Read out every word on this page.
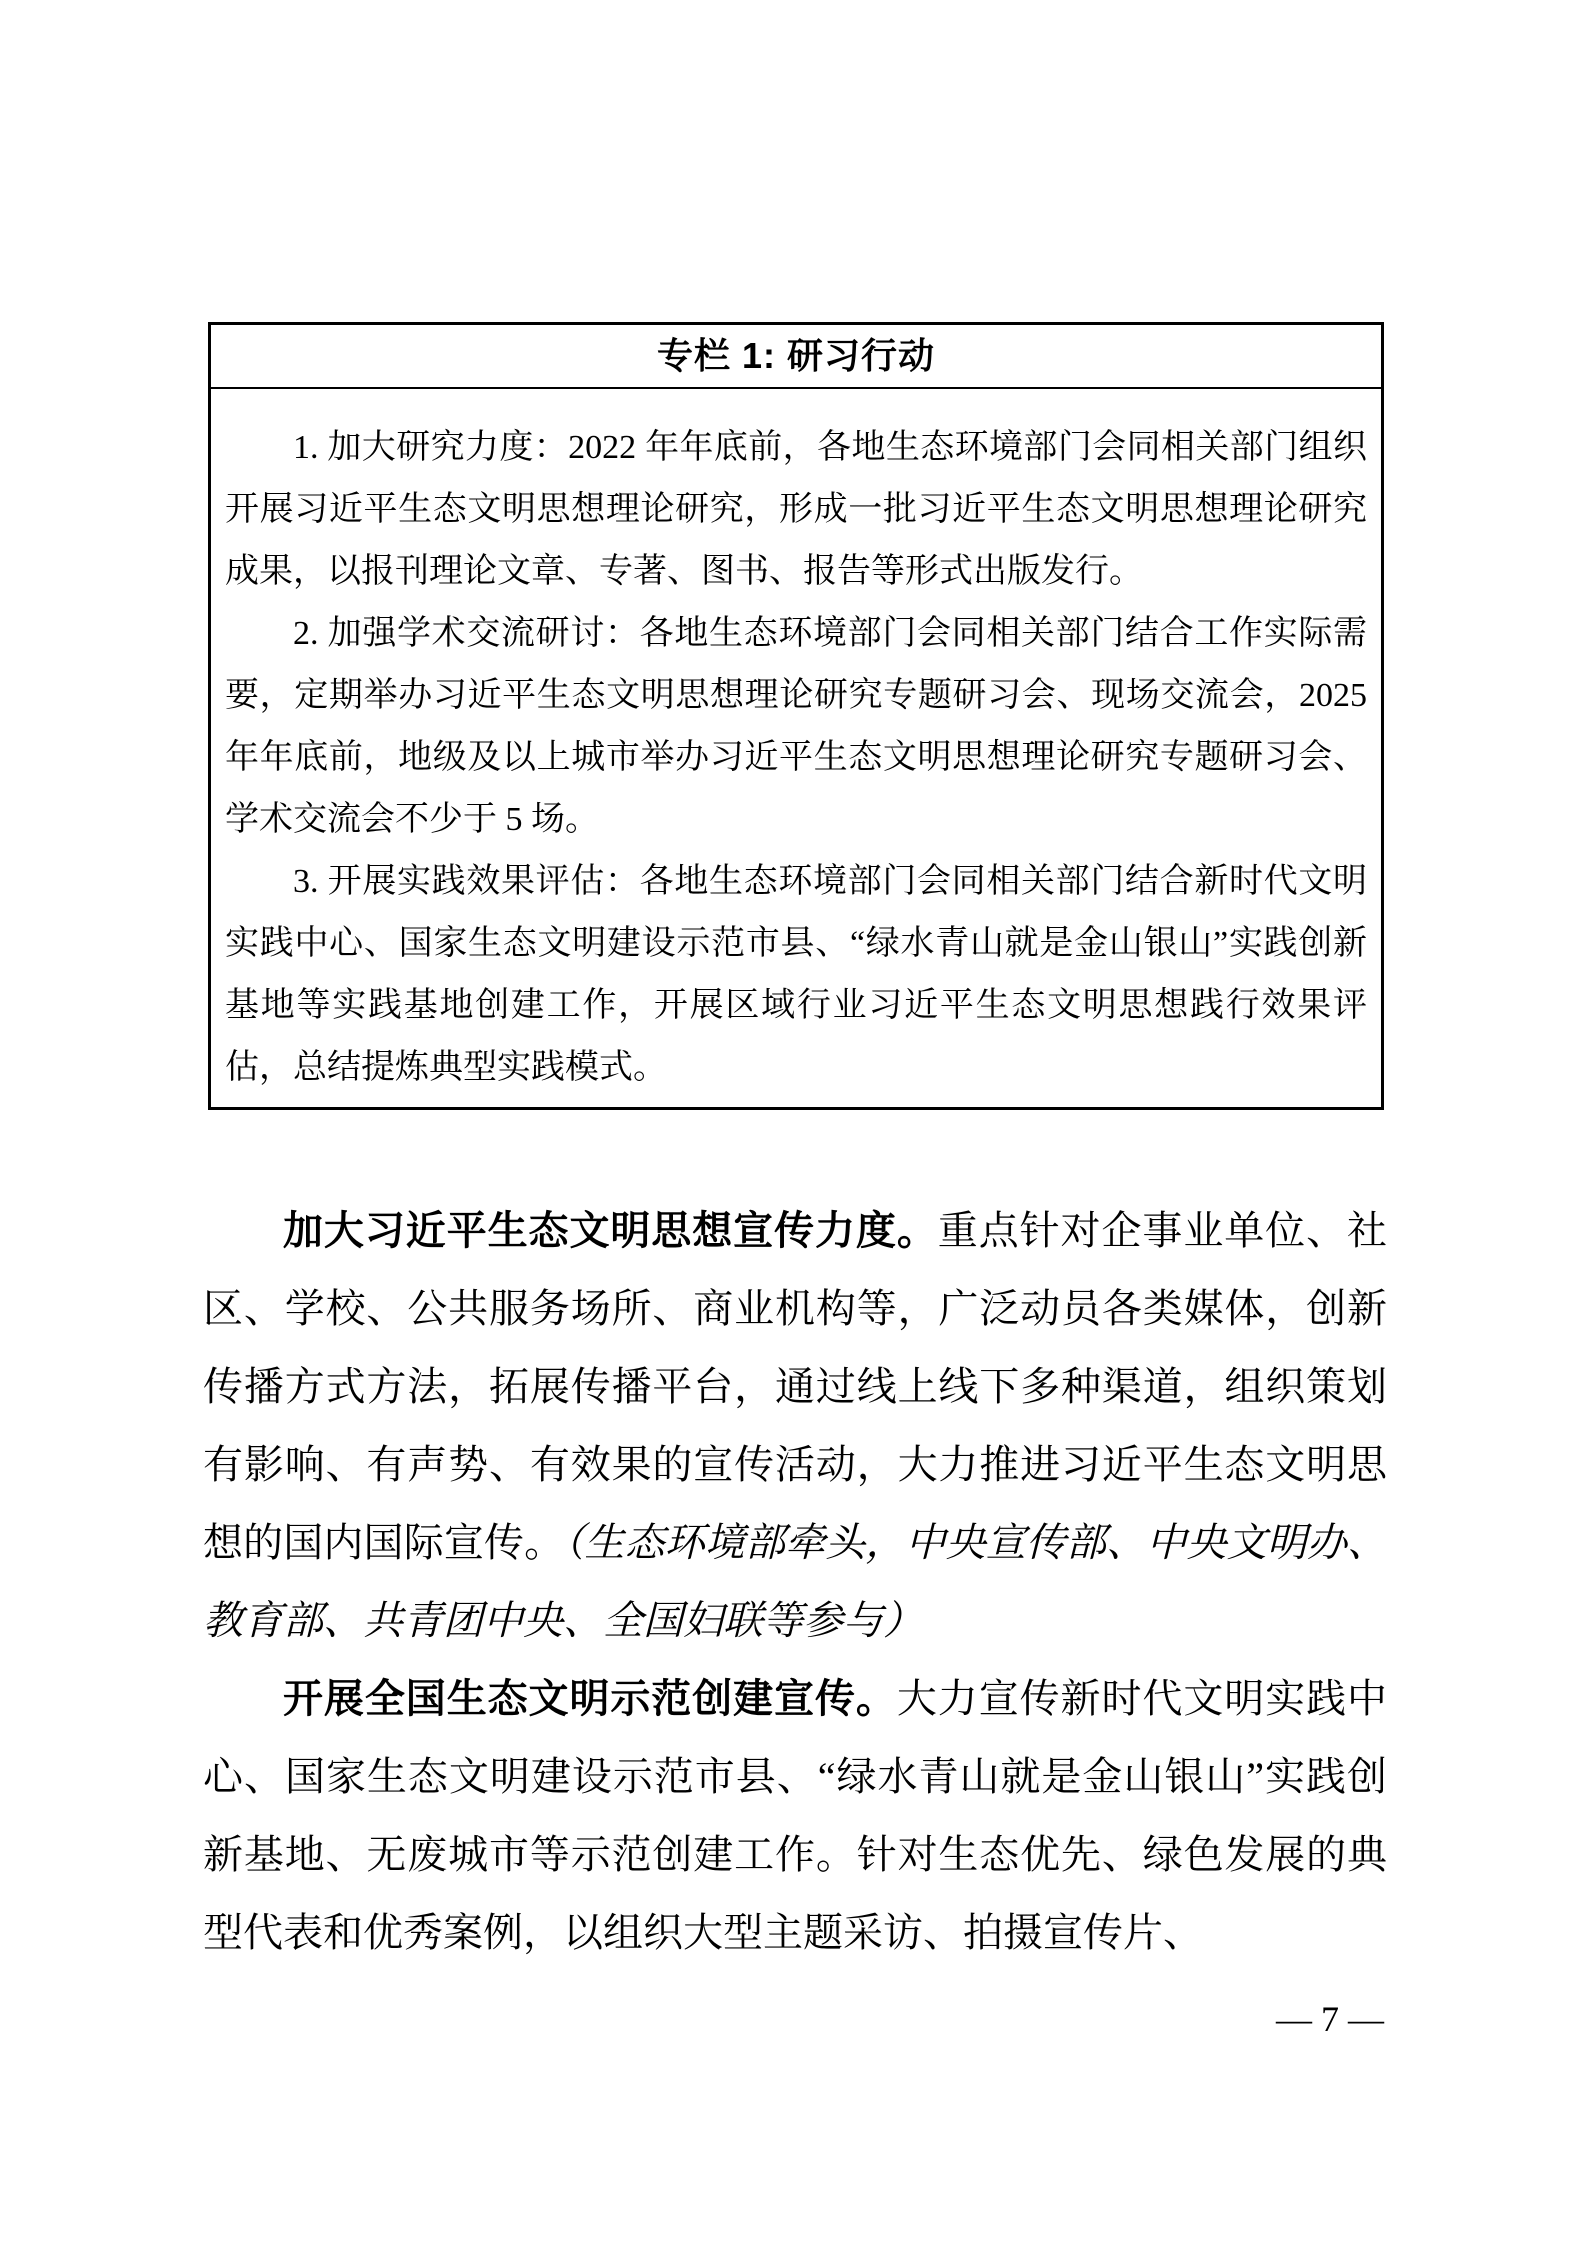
专栏 1: 研习行动

1. 加大研究力度：2022 年年底前，各地生态环境部门会同相关部门组织开展习近平生态文明思想理论研究，形成一批习近平生态文明思想理论研究成果，以报刊理论文章、专著、图书、报告等形式出版发行。

2. 加强学术交流研讨：各地生态环境部门会同相关部门结合工作实际需要，定期举办习近平生态文明思想理论研究专题研习会、现场交流会，2025 年年底前，地级及以上城市举办习近平生态文明思想理论研究专题研习会、学术交流会不少于 5 场。

3. 开展实践效果评估：各地生态环境部门会同相关部门结合新时代文明实践中心、国家生态文明建设示范市县、“绿水青山就是金山银山”实践创新基地等实践基地创建工作，开展区域行业习近平生态文明思想践行效果评估，总结提炼典型实践模式。

加大习近平生态文明思想宣传力度。重点针对企事业单位、社区、学校、公共服务场所、商业机构等，广泛动员各类媒体，创新传播方式方法，拓展传播平台，通过线上线下多种渠道，组织策划有影响、有声势、有效果的宣传活动，大力推进习近平生态文明思想的国内国际宣传。（生态环境部牵头，中央宣传部、中央文明办、教育部、共青团中央、全国妇联等参与）

开展全国生态文明示范创建宣传。大力宣传新时代文明实践中心、国家生态文明建设示范市县、“绿水青山就是金山银山”实践创新基地、无废城市等示范创建工作。针对生态优先、绿色发展的典型代表和优秀案例，以组织大型主题采访、拍摄宣传片、

— 7 —
